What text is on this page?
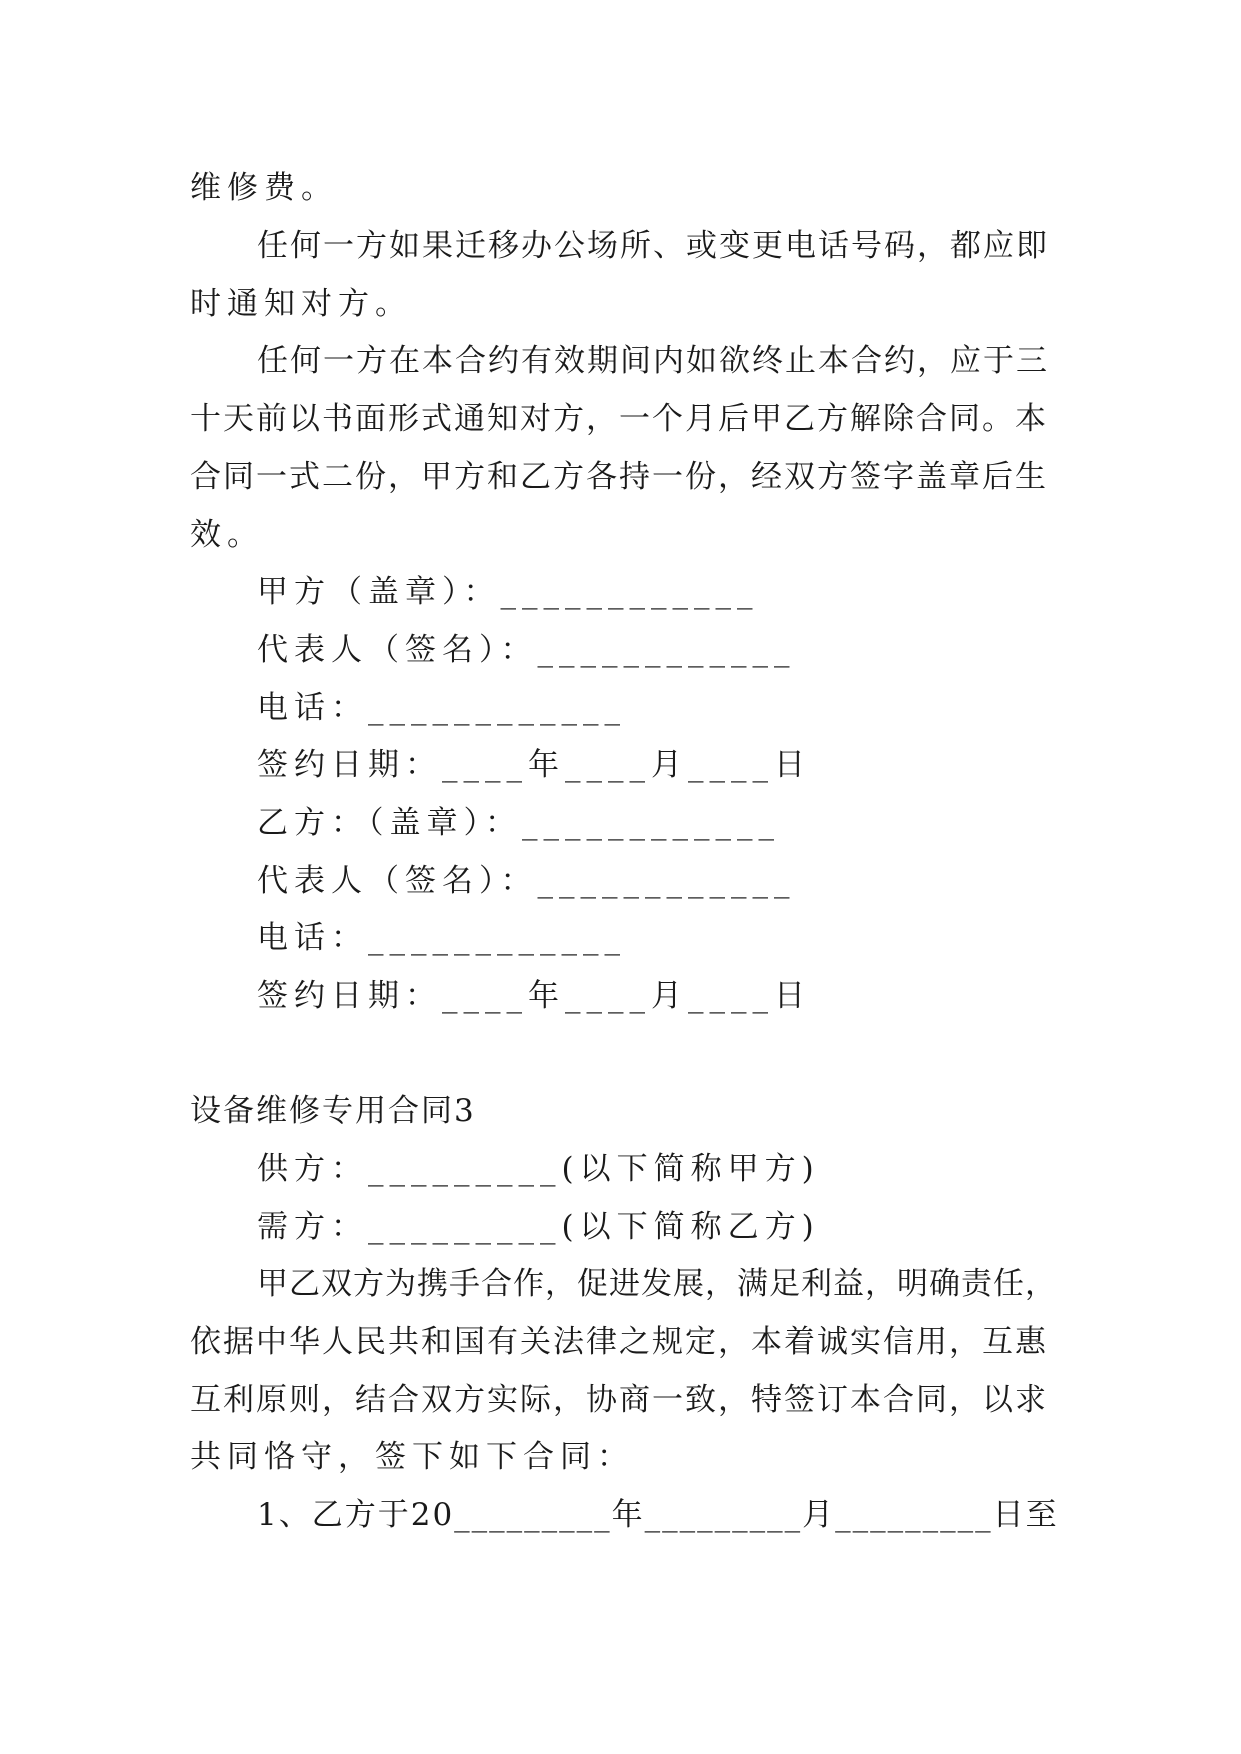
维修费。
任何一方如果迁移办公场所、或变更电话号码，都应即
时通知对方。
任何一方在本合约有效期间内如欲终止本合约，应于三
十天前以书面形式通知对方，一个月后甲乙方解除合同。本
合同一式二份，甲方和乙方各持一份，经双方签字盖章后生
效。
甲方（盖章）：____________
代表人（签名）：____________
电话：____________
签约日期：____年____月____日
乙方：（盖章）：____________
代表人（签名）：____________
电话：____________
签约日期：____年____月____日
设备维修专用合同3
供方：_________(以下简称甲方)
需方：_________(以下简称乙方)
甲乙双方为携手合作，促进发展，满足利益，明确责任，
依据中华人民共和国有关法律之规定，本着诚实信用，互惠
互利原则，结合双方实际，协商一致，特签订本合同，以求
共同恪守，签下如下合同：
1、乙方于20_________年_________月_________日至
